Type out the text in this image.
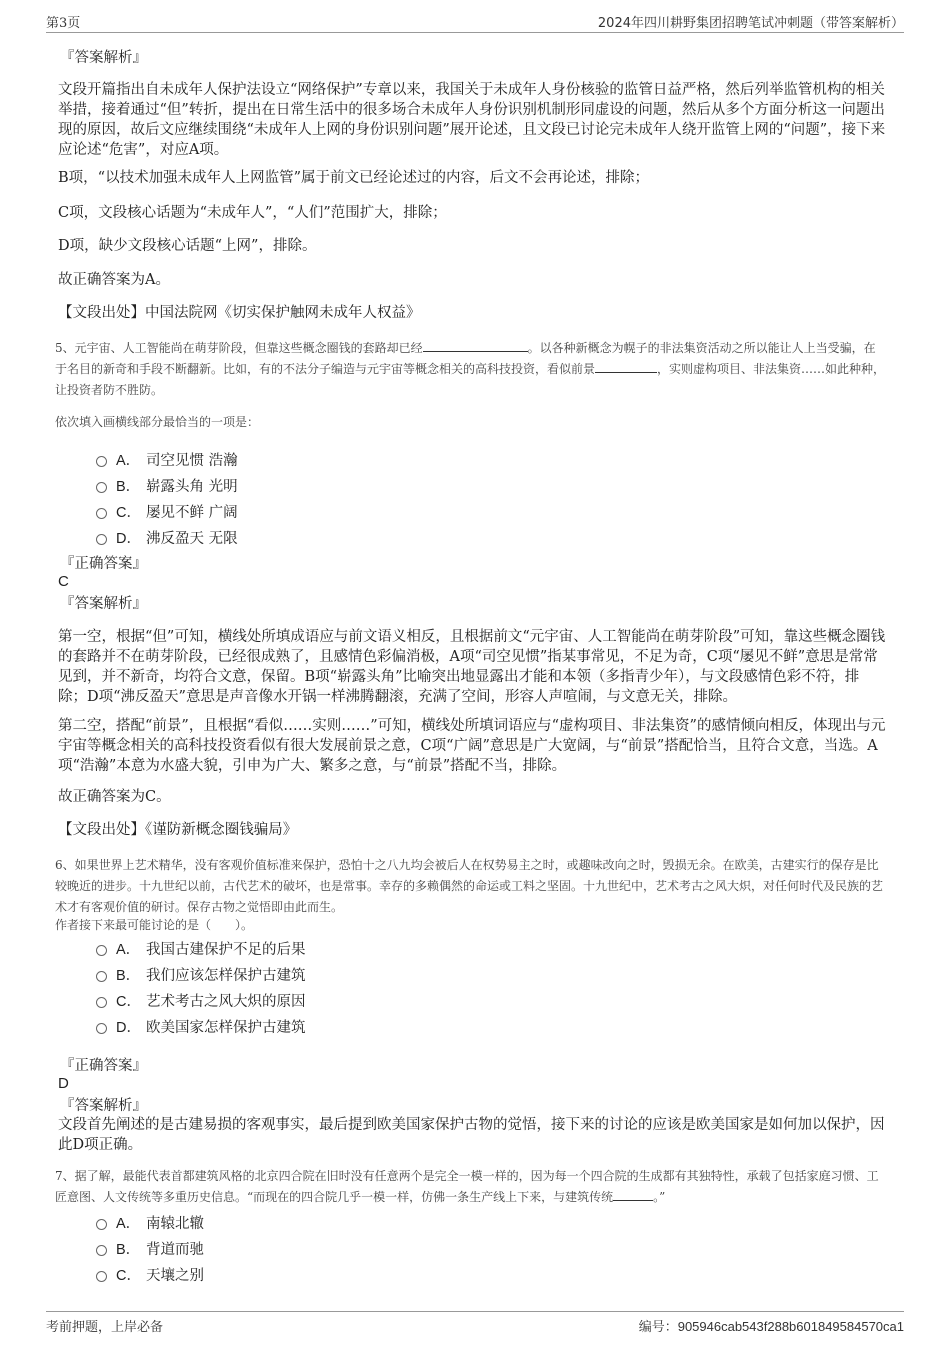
第3页	2024年四川耕野集团招聘笔试冲刺题（带答案解析）
『答案解析』

文段开篇指出自未成年人保护法设立“网络保护”专章以来，我国关于未成年人身份核验的监管日益严格，然后列举监管机构的相关举措，接着通过“但”转折，提出在日常生活中的很多场合未成年人身份识别机制形同虚设的问题，然后从多个方面分析这一问题出现的原因，故后文应继续围绕“未成年人上网的身份识别问题”展开论述，且文段已讨论完未成年人绕开监管上网的“问题”，接下来应论述“危害”，对应A项。

B项，“以技术加强未成年人上网监管”属于前文已经论述过的内容，后文不会再论述，排除；

C项，文段核心话题为“未成年人”，“人们”范围扩大，排除；

D项，缺少文段核心话题“上网”，排除。

故正确答案为A。

【文段出处】中国法院网《切实保护触网未成年人权益》

5、元宇宙、人工智能尚在萌芽阶段，但靠这些概念圈钱的套路却已经	。以各种新概念为幌子的非法集资活动之所以能让人上当受骗，在于名目的新奇和手段不断翻新。比如，有的不法分子编造与元宇宙等概念相关的高科技投资，看似前景	，实则虚构项目、非法集资……如此种种，让投资者防不胜防。

依次填入画横线部分最恰当的一项是：

A． 司空见惯 浩瀚
B． 崭露头角 光明
C． 屡见不鲜 广阔
D． 沸反盈天 无限
『正确答案』
C
『答案解析』

第一空，根据“但”可知，横线处所填成语应与前文语义相反，且根据前文“元宇宙、人工智能尚在萌芽阶段”可知，靠这些概念圈钱的套路并不在萌芽阶段，已经很成熟了，且感情色彩偏消极，A项“司空见惯”指某事常见，不足为奇，C项“屡见不鲜”意思是常常见到，并不新奇，均符合文意，保留。B项“崭露头角”比喻突出地显露出才能和本领（多指青少年），与文段感情色彩不符，排除；D项“沸反盈天”意思是声音像水开锅一样沸腾翻滚，充满了空间，形容人声喧闹，与文意无关，排除。

第二空，搭配“前景”，且根据“看似……实则……”可知，横线处所填词语应与“虚构项目、非法集资”的感情倾向相反，体现出与元宇宙等概念相关的高科技投资看似有很大发展前景之意，C项“广阔”意思是广大宽阔，与“前景”搭配恰当，且符合文意，当选。A项“浩瀚”本意为水盛大貌，引申为广大、繁多之意，与“前景”搭配不当，排除。

故正确答案为C。

【文段出处】《谨防新概念圈钱骗局》

6、如果世界上艺术精华，没有客观价值标准来保护，恐怕十之八九均会被后人在权势易主之时，或趣味改向之时，毁损无余。在欧美，古建实行的保存是比较晚近的进步。十九世纪以前，古代艺术的破坏，也是常事。幸存的多赖偶然的命运或工料之坚固。十九世纪中，艺术考古之风大炽，对任何时代及民族的艺术才有客观价值的研讨。保存古物之觉悟即由此而生。

作者接下来最可能讨论的是（　　）。

A． 我国古建保护不足的后果
B． 我们应该怎样保护古建筑
C． 艺术考古之风大炽的原因
D． 欧美国家怎样保护古建筑
『正确答案』
D
『答案解析』

文段首先阐述的是古建易损的客观事实，最后提到欧美国家保护古物的觉悟，接下来的讨论的应该是欧美国家是如何加以保护，因此D项正确。

7、据了解，最能代表首都建筑风格的北京四合院在旧时没有任意两个是完全一模一样的，因为每一个四合院的生成都有其独特性，承载了包括家庭习惯、工匠意图、人文传统等多重历史信息。“而现在的四合院几乎一模一样，仿佛一条生产线上下来，与建筑传统	。”

A． 南辕北辙
B． 背道而驰
C． 天壤之别
考前押题，上岸必备	编号：905946cab543f288b601849584570ca1
